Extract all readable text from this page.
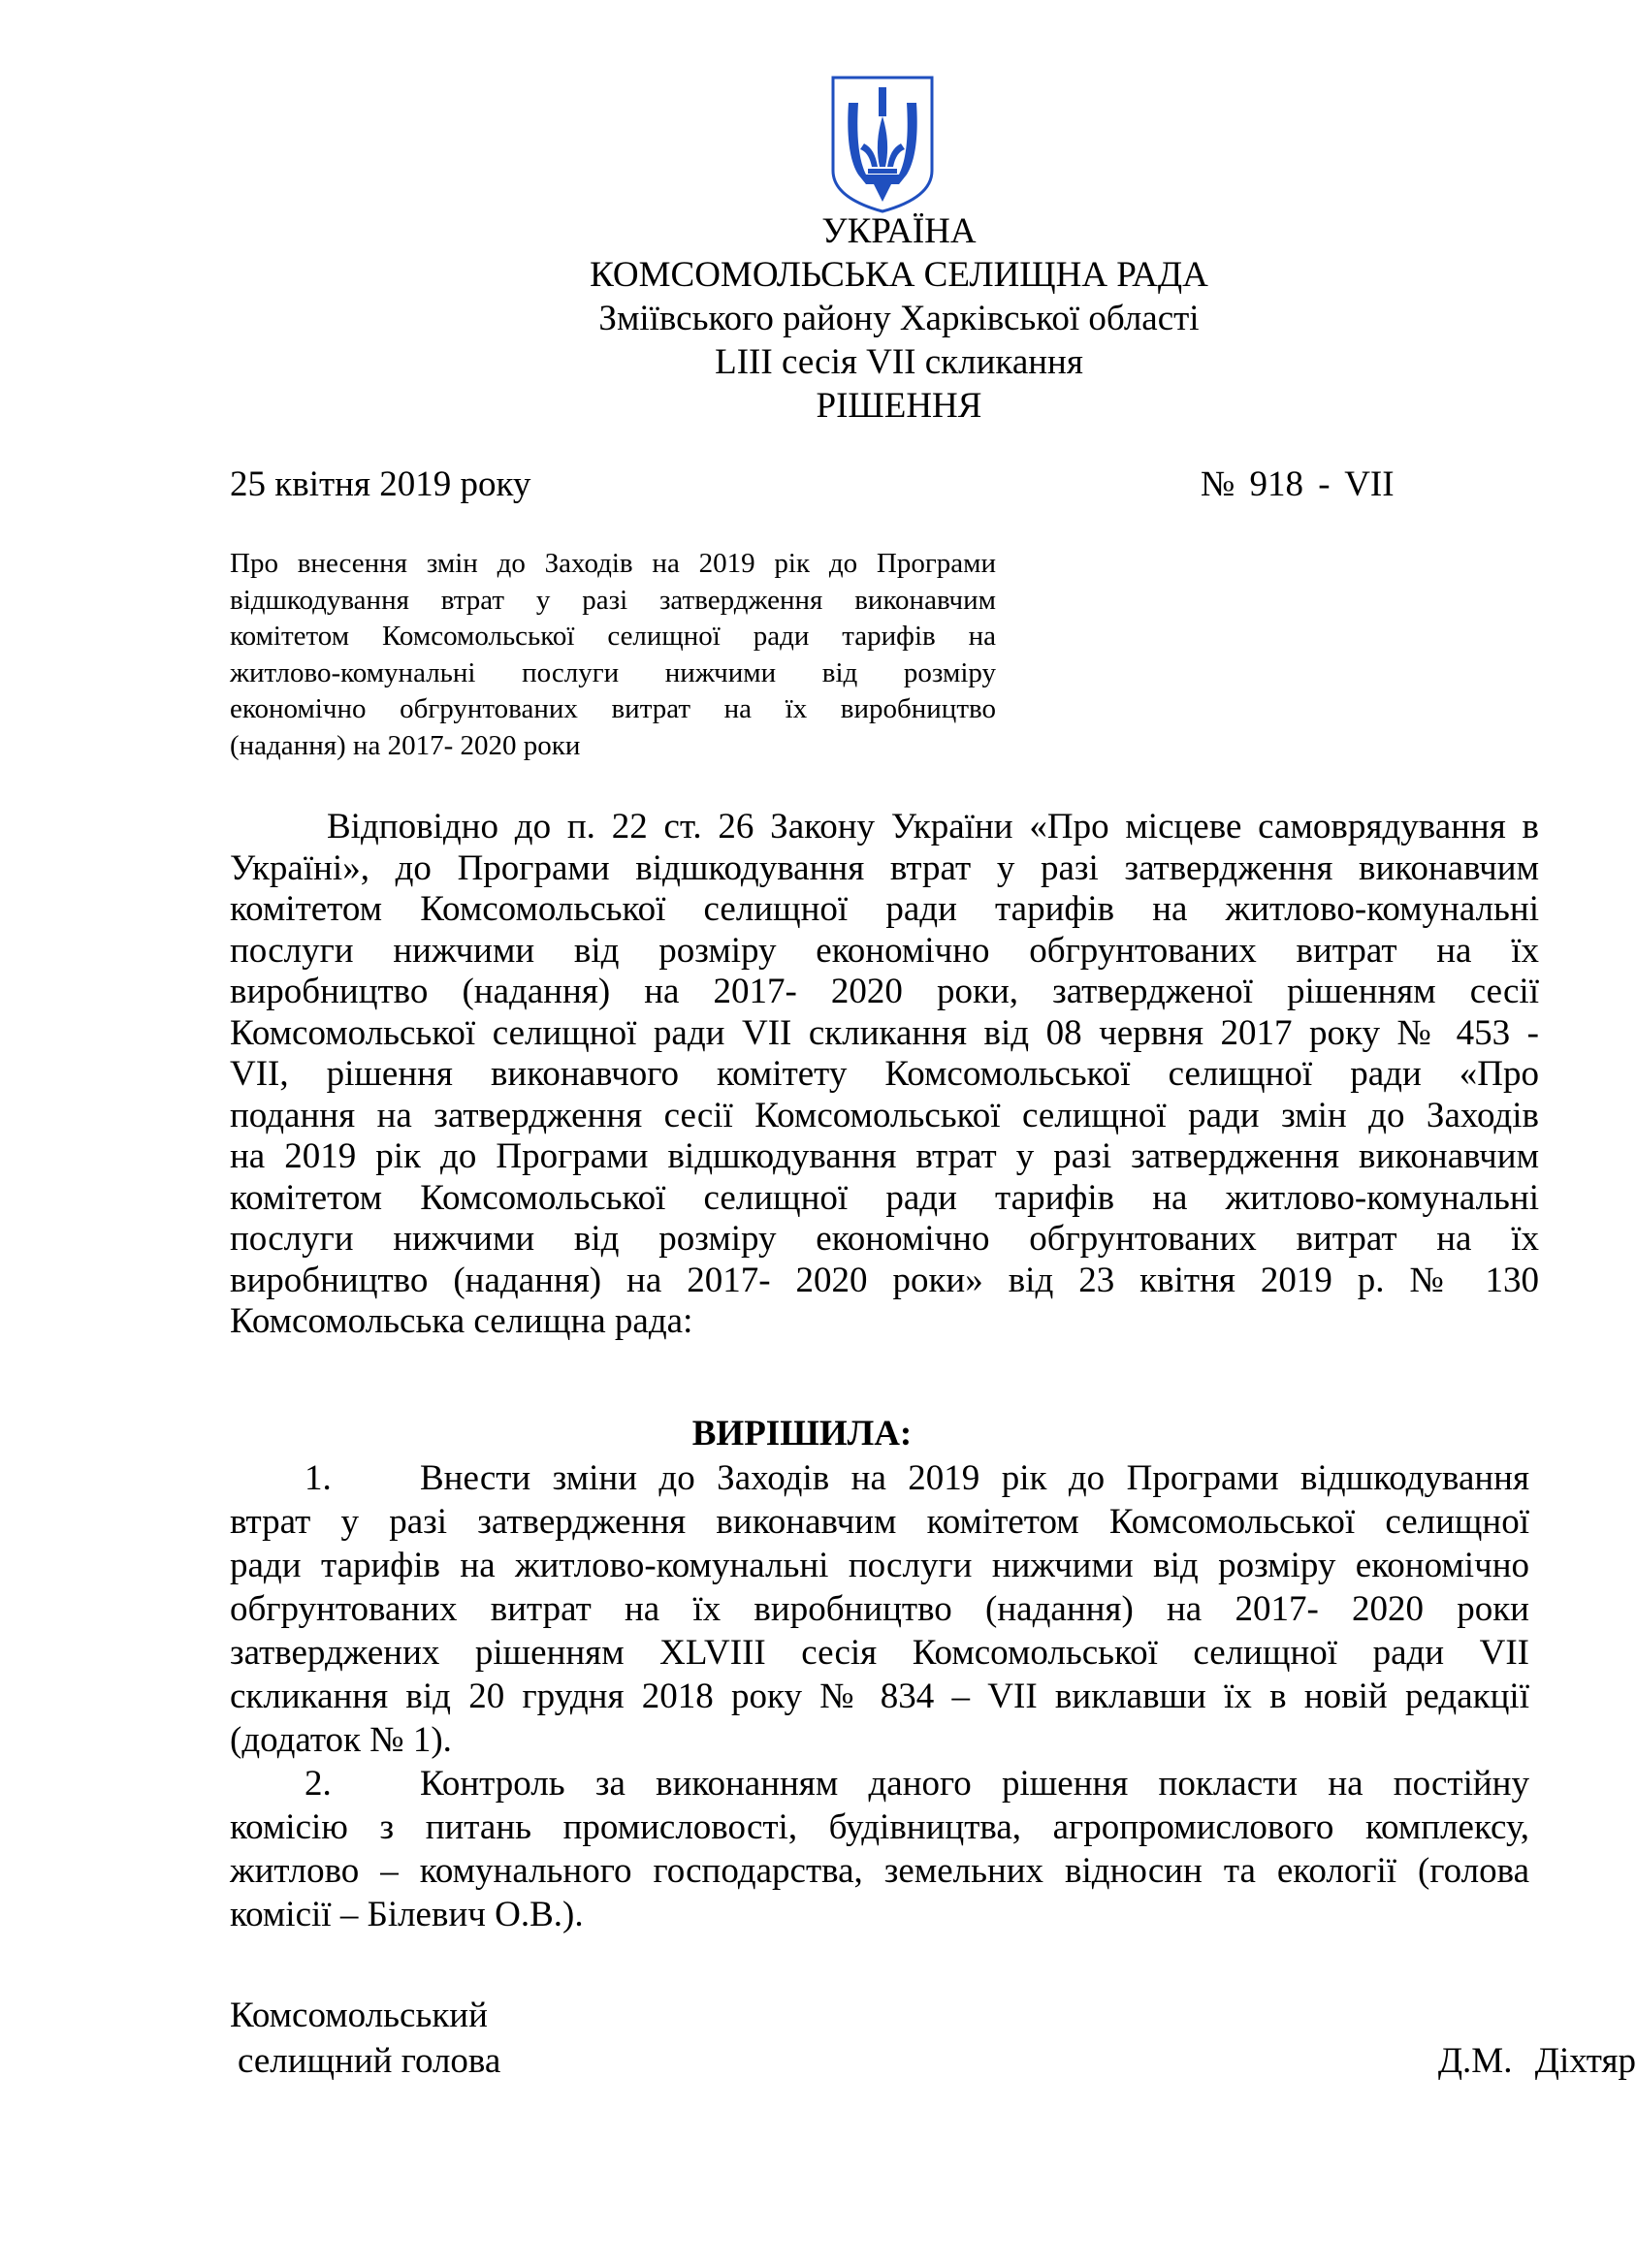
УКРАЇНА
КОМСОМОЛЬСЬКА СЕЛИЩНА РАДА
Зміївського району Харківської області
LIII сесія VII скликання
РІШЕННЯ
25 квітня 2019 року	№ 918 - VII
Про внесення змін до Заходів на 2019 рік до Програми
відшкодування втрат у разі затвердження виконавчим
комітетом Комсомольської селищної ради тарифів на
житлово-комунальні послуги нижчими від розміру
економічно обгрунтованих витрат на їх виробництво
(надання) на 2017- 2020 роки
Відповідно до п. 22 ст. 26 Закону України «Про місцеве самоврядування в
Україні», до Програми відшкодування втрат у разі затвердження виконавчим
комітетом Комсомольської селищної ради тарифів на житлово-комунальні
послуги нижчими від розміру економічно обгрунтованих витрат на їх
виробництво (надання) на 2017- 2020 роки, затвердженої рішенням сесії
Комсомольської селищної ради VII скликання від 08 червня 2017 року № 453 -
VII, рішення виконавчого комітету Комсомольської селищної ради «Про
подання на затвердження сесії Комсомольської селищної ради змін до Заходів
на 2019 рік до Програми відшкодування втрат у разі затвердження виконавчим
комітетом Комсомольської селищної ради тарифів на житлово-комунальні
послуги нижчими від розміру економічно обгрунтованих витрат на їх
виробництво (надання) на 2017- 2020 роки» від 23 квітня 2019 р. № 130
Комсомольська селищна рада:
ВИРІШИЛА:
1. Внести зміни до Заходів на 2019 рік до Програми відшкодування
втрат у разі затвердження виконавчим комітетом Комсомольської селищної
ради тарифів на житлово-комунальні послуги нижчими від розміру економічно
обгрунтованих витрат на їх виробництво (надання) на 2017- 2020 роки
затверджених рішенням XLVIII сесія Комсомольської селищної ради VII
скликання від 20 грудня 2018 року № 834 – VII виклавши їх в новій редакції
(додаток № 1).
2. Контроль за виконанням даного рішення покласти на постійну
комісію з питань промисловості, будівництва, агропромислового комплексу,
житлово – комунального господарства, земельних відносин та екології (голова
комісії – Білевич О.В.).
Комсомольський
селищний голова	Д.М. Діхтяр
